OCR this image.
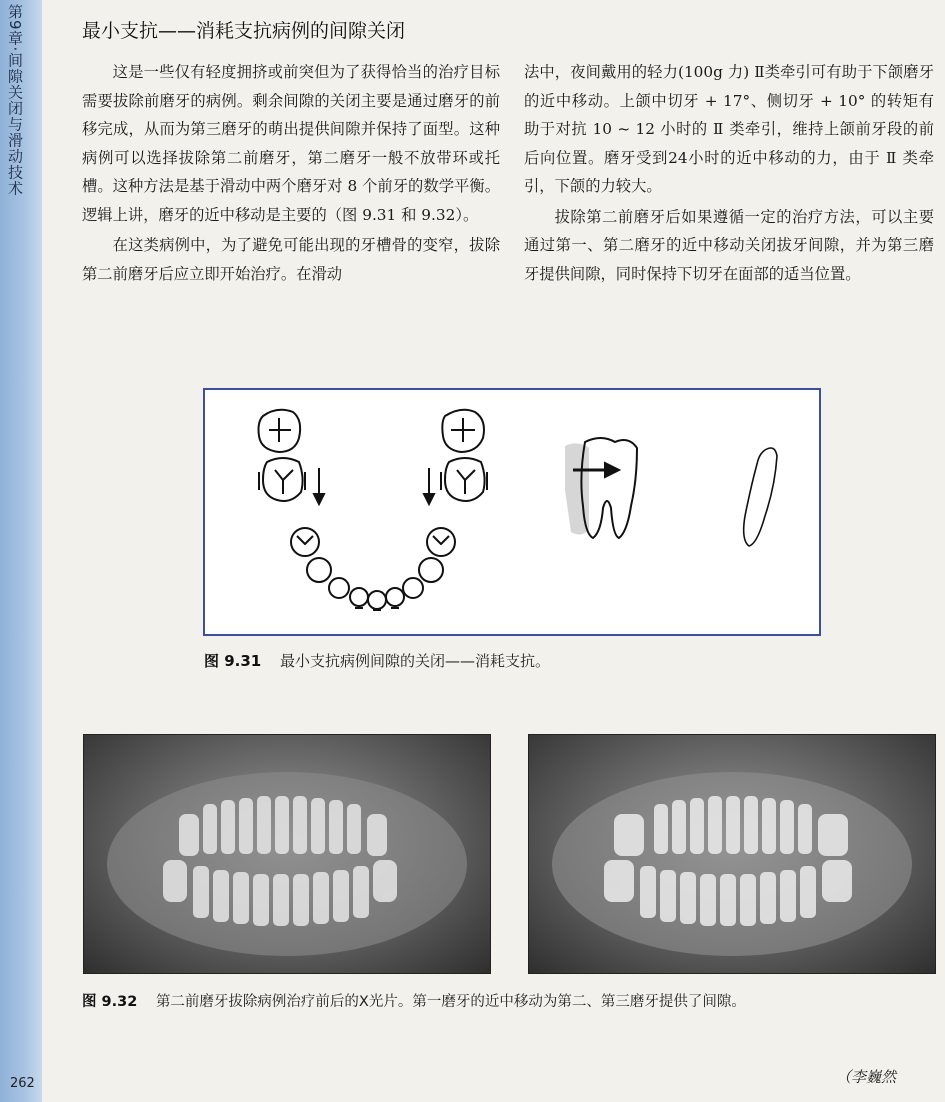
第9章·间隙关闭与滑动技术
262
最小支抗——消耗支抗病例的间隙关闭

这是一些仅有轻度拥挤或前突但为了获得恰当的治疗目标需要拔除前磨牙的病例。剩余间隙的关闭主要是通过磨牙的前移完成，从而为第三磨牙的萌出提供间隙并保持了面型。这种病例可以选择拔除第二前磨牙，第二磨牙一般不放带环或托槽。这种方法是基于滑动中两个磨牙对 8 个前牙的数学平衡。逻辑上讲，磨牙的近中移动是主要的（图 9.31 和 9.32）。

在这类病例中，为了避免可能出现的牙槽骨的变窄，拔除第二前磨牙后应立即开始治疗。在滑动

法中，夜间戴用的轻力(100g 力) Ⅱ类牵引可有助于下颌磨牙的近中移动。上颌中切牙 + 17°、侧切牙 + 10° 的转矩有助于对抗 10 ~ 12 小时的 Ⅱ 类牵引，维持上颌前牙段的前后向位置。磨牙受到24小时的近中移动的力，由于 Ⅱ 类牵引，下颌的力较大。

拔除第二前磨牙后如果遵循一定的治疗方法，可以主要通过第一、第二磨牙的近中移动关闭拔牙间隙，并为第三磨牙提供间隙，同时保持下切牙在面部的适当位置。

图 9.31 最小支抗病例间隙的关闭——消耗支抗。
图 9.32 第二前磨牙拔除病例治疗前后的X光片。第一磨牙的近中移动为第二、第三磨牙提供了间隙。
（李巍然
